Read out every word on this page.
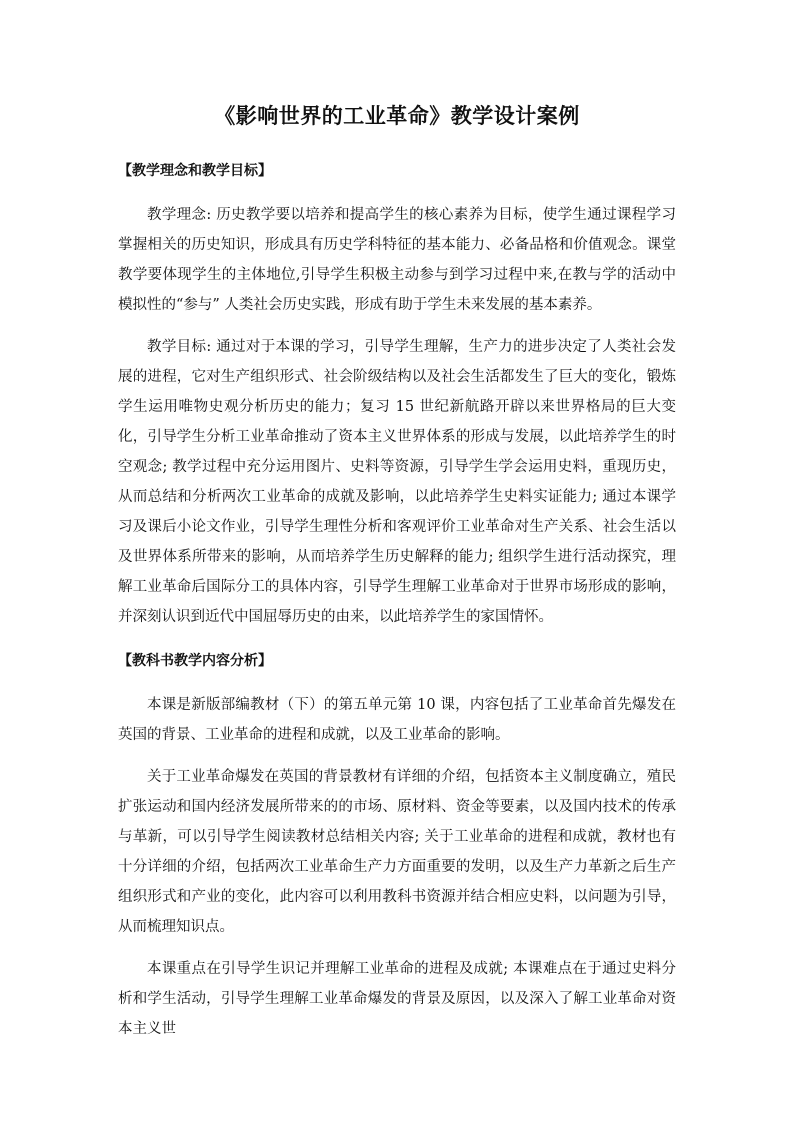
《影响世界的工业革命》教学设计案例
【教学理念和教学目标】

教学理念: 历史教学要以培养和提高学生的核心素养为目标，使学生通过课程学习掌握相关的历史知识，形成具有历史学科特征的基本能力、必备品格和价值观念。课堂教学要体现学生的主体地位,引导学生积极主动参与到学习过程中来,在教与学的活动中模拟性的“参与” 人类社会历史实践，形成有助于学生未来发展的基本素养。

教学目标: 通过对于本课的学习，引导学生理解，生产力的进步决定了人类社会发展的进程，它对生产组织形式、社会阶级结构以及社会生活都发生了巨大的变化，锻炼学生运用唯物史观分析历史的能力；复习 15 世纪新航路开辟以来世界格局的巨大变化，引导学生分析工业革命推动了资本主义世界体系的形成与发展，以此培养学生的时空观念; 教学过程中充分运用图片、史料等资源，引导学生学会运用史料，重现历史，从而总结和分析两次工业革命的成就及影响，以此培养学生史料实证能力; 通过本课学习及课后小论文作业，引导学生理性分析和客观评价工业革命对生产关系、社会生活以及世界体系所带来的影响，从而培养学生历史解释的能力; 组织学生进行活动探究，理解工业革命后国际分工的具体内容，引导学生理解工业革命对于世界市场形成的影响，并深刻认识到近代中国屈辱历史的由来，以此培养学生的家国情怀。

【教科书教学内容分析】

本课是新版部编教材（下）的第五单元第 10 课，内容包括了工业革命首先爆发在英国的背景、工业革命的进程和成就，以及工业革命的影响。

关于工业革命爆发在英国的背景教材有详细的介绍，包括资本主义制度确立，殖民扩张运动和国内经济发展所带来的的市场、原材料、资金等要素，以及国内技术的传承与革新，可以引导学生阅读教材总结相关内容; 关于工业革命的进程和成就，教材也有十分详细的介绍，包括两次工业革命生产力方面重要的发明，以及生产力革新之后生产组织形式和产业的变化，此内容可以利用教科书资源并结合相应史料，以问题为引导，从而梳理知识点。

本课重点在引导学生识记并理解工业革命的进程及成就; 本课难点在于通过史料分析和学生活动，引导学生理解工业革命爆发的背景及原因，以及深入了解工业革命对资本主义世
